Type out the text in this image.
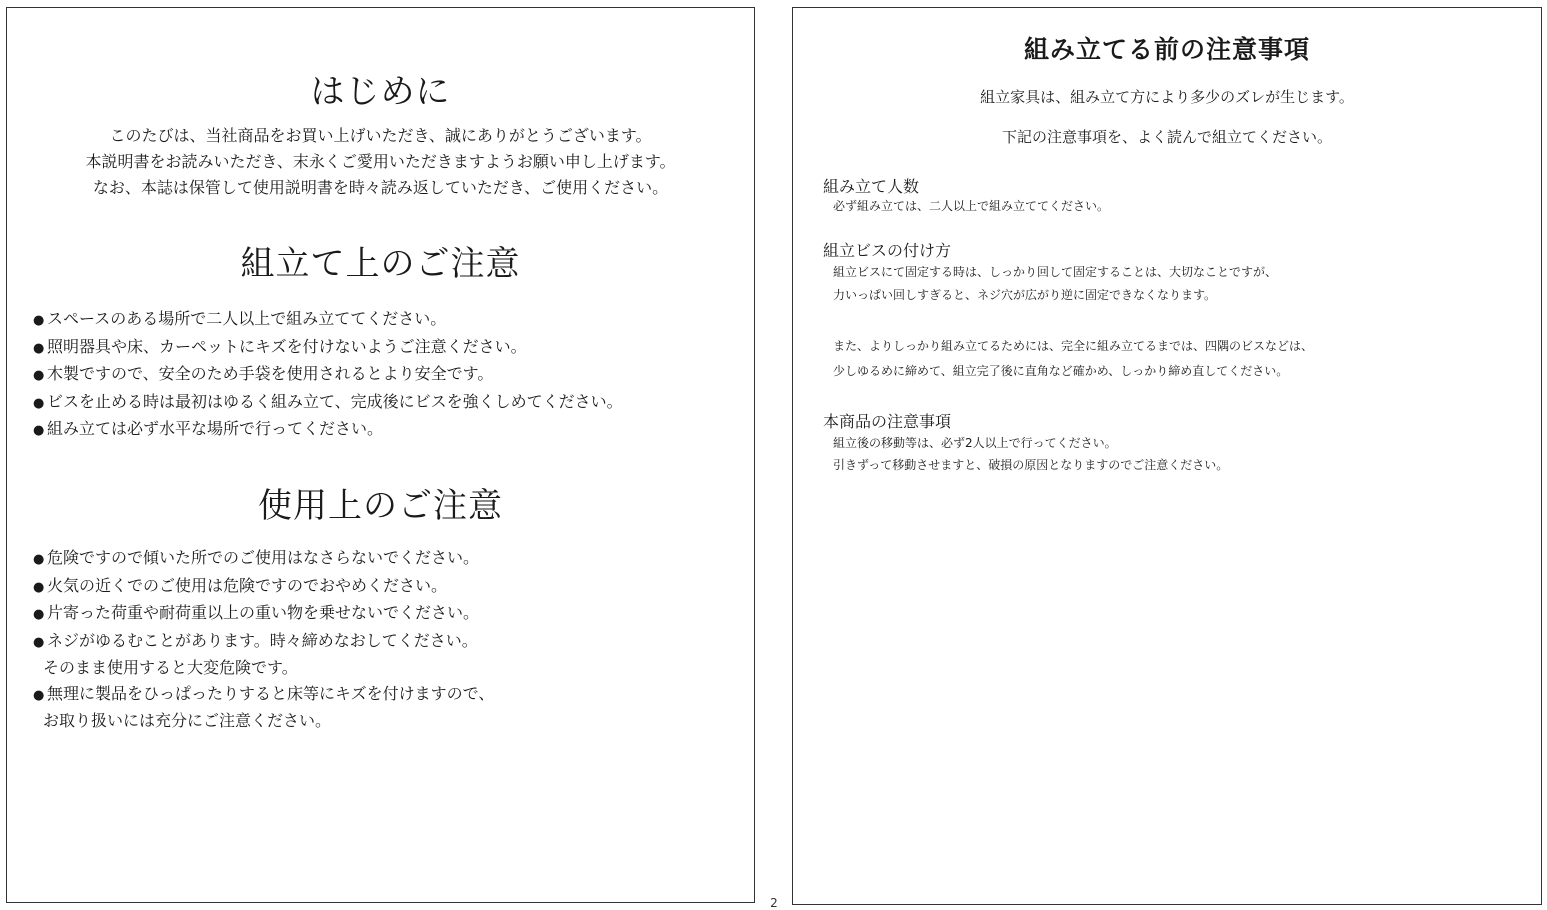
はじめに
このたびは、当社商品をお買い上げいただき、誠にありがとうございます。
本説明書をお読みいただき、末永くご愛用いただきますようお願い申し上げます。
なお、本誌は保管して使用説明書を時々読み返していただき、ご使用ください。
組立て上のご注意
● スペースのある場所で二人以上で組み立ててください。
● 照明器具や床、カーペットにキズを付けないようご注意ください。
● 木製ですので、安全のため手袋を使用されるとより安全です。
● ビスを止める時は最初はゆるく組み立て、完成後にビスを強くしめてください。
● 組み立ては必ず水平な場所で行ってください。
使用上のご注意
● 危険ですので傾いた所でのご使用はなさらないでください。
● 火気の近くでのご使用は危険ですのでおやめください。
● 片寄った荷重や耐荷重以上の重い物を乗せないでください。
● ネジがゆるむことがあります。時々締めなおしてください。
そのまま使用すると大変危険です。
● 無理に製品をひっぱったりすると床等にキズを付けますので、
お取り扱いには充分にご注意ください。
組み立てる前の注意事項

組立家具は、組み立て方により多少のズレが生じます。

下記の注意事項を、よく読んで組立てください。

組み立て人数

必ず組み立ては、二人以上で組み立ててください。

組立ビスの付け方

組立ビスにて固定する時は、しっかり回して固定することは、大切なことですが、
力いっぱい回しすぎると、ネジ穴が広がり逆に固定できなくなります。
また、よりしっかり組み立てるためには、完全に組み立てるまでは、四隅のビスなどは、
少しゆるめに締めて、組立完了後に直角など確かめ、しっかり締め直してください。

本商品の注意事項

組立後の移動等は、必ず2人以上で行ってください。
引きずって移動させますと、破損の原因となりますのでご注意ください。
2
